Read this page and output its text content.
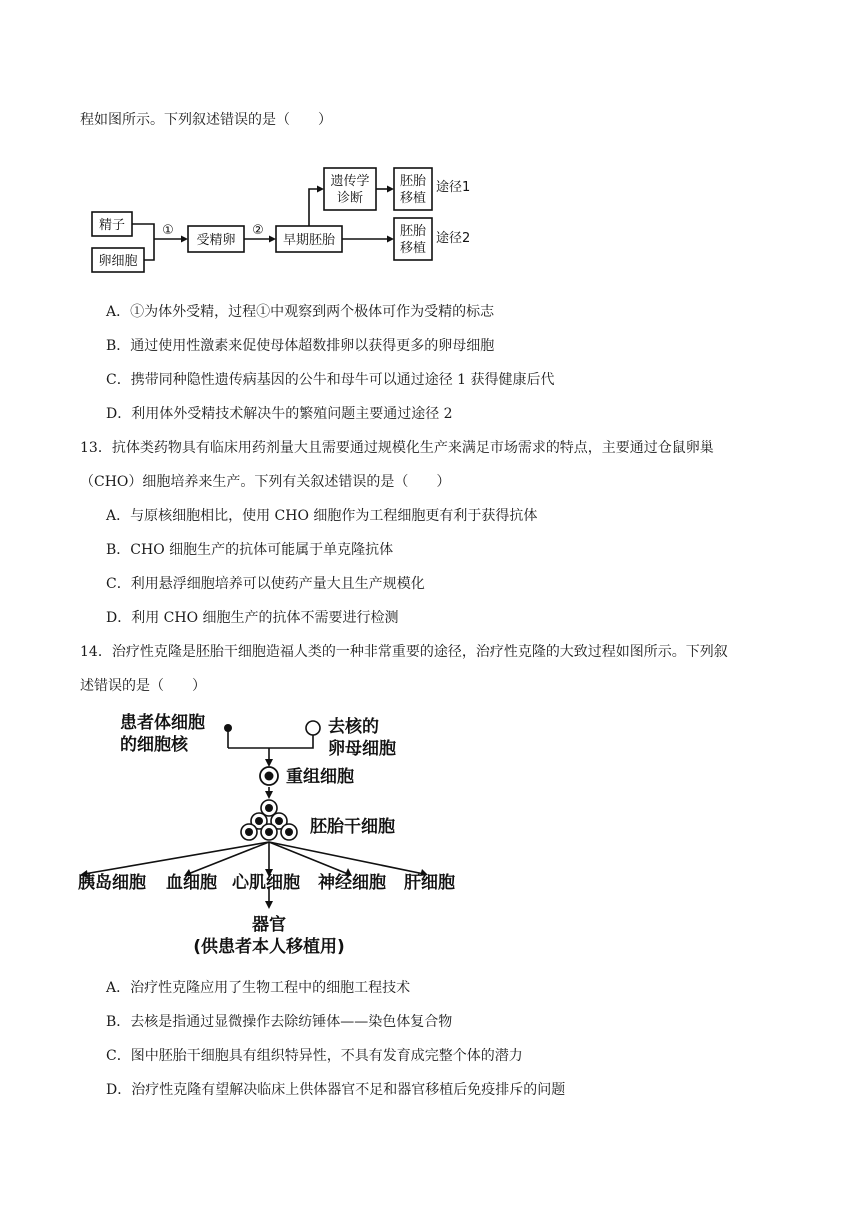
程如图所示。下列叙述错误的是（　　）
精子
卵细胞
①
受精卵
②
早期胚胎
遗传学
诊断
胚胎
移植
胚胎
移植
途径1
途径2
A．①为体外受精，过程①中观察到两个极体可作为受精的标志
B．通过使用性激素来促使母体超数排卵以获得更多的卵母细胞
C．携带同种隐性遗传病基因的公牛和母牛可以通过途径 1 获得健康后代
D．利用体外受精技术解决牛的繁殖问题主要通过途径 2
13．抗体类药物具有临床用药剂量大且需要通过规模化生产来满足市场需求的特点，主要通过仓鼠卵巢
（CHO）细胞培养来生产。下列有关叙述错误的是（　　）
A．与原核细胞相比，使用 CHO 细胞作为工程细胞更有利于获得抗体
B．CHO 细胞生产的抗体可能属于单克隆抗体
C．利用悬浮细胞培养可以使药产量大且生产规模化
D．利用 CHO 细胞生产的抗体不需要进行检测
14．治疗性克隆是胚胎干细胞造福人类的一种非常重要的途径，治疗性克隆的大致过程如图所示。下列叙
述错误的是（　　）
患者体细胞
的细胞核
去核的
卵母细胞
重组细胞
胚胎干细胞
胰岛细胞 血细胞 心肌细胞 神经细胞 肝细胞
器官
(供患者本人移植用)
A．治疗性克隆应用了生物工程中的细胞工程技术
B．去核是指通过显微操作去除纺锤体——染色体复合物
C．图中胚胎干细胞具有组织特异性，不具有发育成完整个体的潜力
D．治疗性克隆有望解决临床上供体器官不足和器官移植后免疫排斥的问题
